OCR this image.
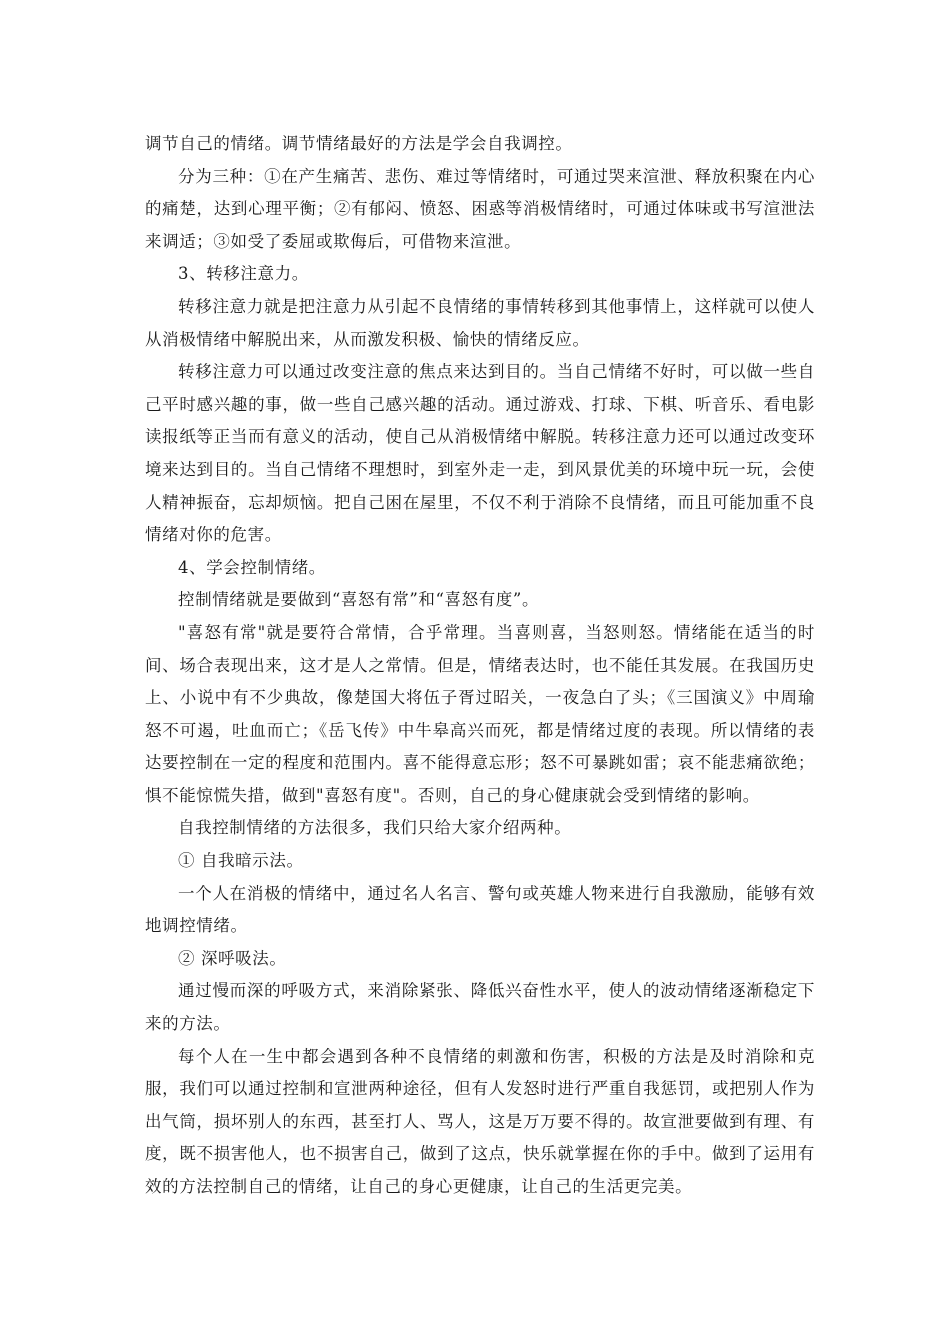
调节自己的情绪。调节情绪最好的方法是学会自我调控。

分为三种：①在产生痛苦、悲伤、难过等情绪时，可通过哭来渲泄、释放积聚在内心的痛楚，达到心理平衡；②有郁闷、愤怒、困惑等消极情绪时，可通过体味或书写渲泄法来调适；③如受了委屈或欺侮后，可借物来渲泄。

3、转移注意力。

转移注意力就是把注意力从引起不良情绪的事情转移到其他事情上，这样就可以使人从消极情绪中解脱出来，从而激发积极、愉快的情绪反应。

转移注意力可以通过改变注意的焦点来达到目的。当自己情绪不好时，可以做一些自己平时感兴趣的事，做一些自己感兴趣的活动。通过游戏、打球、下棋、听音乐、看电影读报纸等正当而有意义的活动，使自己从消极情绪中解脱。转移注意力还可以通过改变环境来达到目的。当自己情绪不理想时，到室外走一走，到风景优美的环境中玩一玩，会使人精神振奋，忘却烦恼。把自己困在屋里，不仅不利于消除不良情绪，而且可能加重不良情绪对你的危害。

4、学会控制情绪。

控制情绪就是要做到“喜怒有常”和“喜怒有度”。

"喜怒有常"就是要符合常情，合乎常理。当喜则喜，当怒则怒。情绪能在适当的时间、场合表现出来，这才是人之常情。但是，情绪表达时，也不能任其发展。在我国历史上、小说中有不少典故，像楚国大将伍子胥过昭关，一夜急白了头；《三国演义》中周瑜怒不可遏，吐血而亡；《岳飞传》中牛皋高兴而死，都是情绪过度的表现。所以情绪的表达要控制在一定的程度和范围内。喜不能得意忘形；怒不可暴跳如雷；哀不能悲痛欲绝；惧不能惊慌失措，做到"喜怒有度"。否则，自己的身心健康就会受到情绪的影响。

自我控制情绪的方法很多，我们只给大家介绍两种。

① 自我暗示法。

一个人在消极的情绪中，通过名人名言、警句或英雄人物来进行自我激励，能够有效地调控情绪。

② 深呼吸法。

通过慢而深的呼吸方式，来消除紧张、降低兴奋性水平，使人的波动情绪逐渐稳定下来的方法。

每个人在一生中都会遇到各种不良情绪的刺激和伤害，积极的方法是及时消除和克服，我们可以通过控制和宣泄两种途径，但有人发怒时进行严重自我惩罚，或把别人作为出气筒，损坏别人的东西，甚至打人、骂人，这是万万要不得的。故宣泄要做到有理、有度，既不损害他人，也不损害自己，做到了这点，快乐就掌握在你的手中。做到了运用有效的方法控制自己的情绪，让自己的身心更健康，让自己的生活更完美。
